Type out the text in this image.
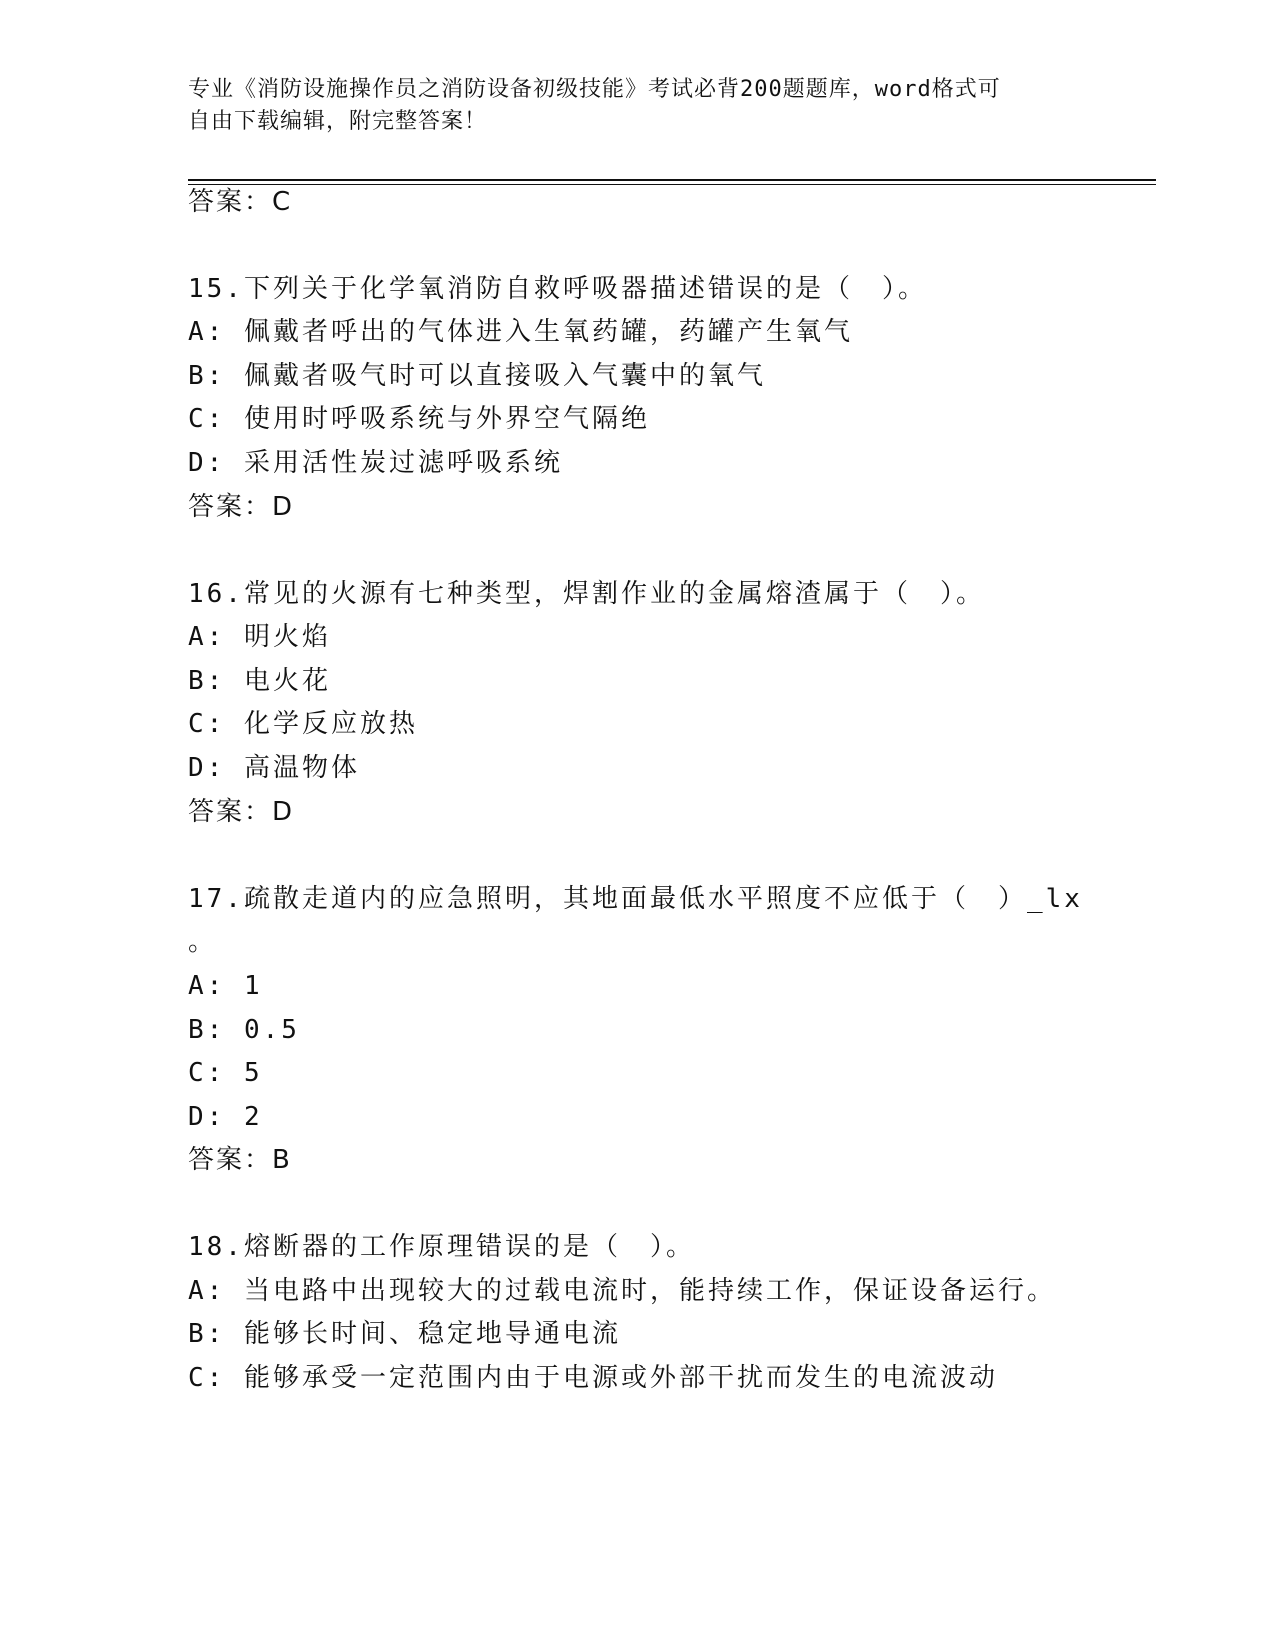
专业《消防设施操作员之消防设备初级技能》考试必背200题题库，word格式可
自由下载编辑，附完整答案！
答案：C
15.下列关于化学氧消防自救呼吸器描述错误的是（　）。
A: 佩戴者呼出的气体进入生氧药罐，药罐产生氧气
B: 佩戴者吸气时可以直接吸入气囊中的氧气
C: 使用时呼吸系统与外界空气隔绝
D: 采用活性炭过滤呼吸系统
答案：D
16.常见的火源有七种类型，焊割作业的金属熔渣属于（　）。
A: 明火焰
B: 电火花
C: 化学反应放热
D: 高温物体
答案：D
17.疏散走道内的应急照明，其地面最低水平照度不应低于（　）_lx
。
A: 1
B: 0.5
C: 5
D: 2
答案：B
18.熔断器的工作原理错误的是（　）。
A: 当电路中出现较大的过载电流时，能持续工作，保证设备运行。
B: 能够长时间、稳定地导通电流
C: 能够承受一定范围内由于电源或外部干扰而发生的电流波动
